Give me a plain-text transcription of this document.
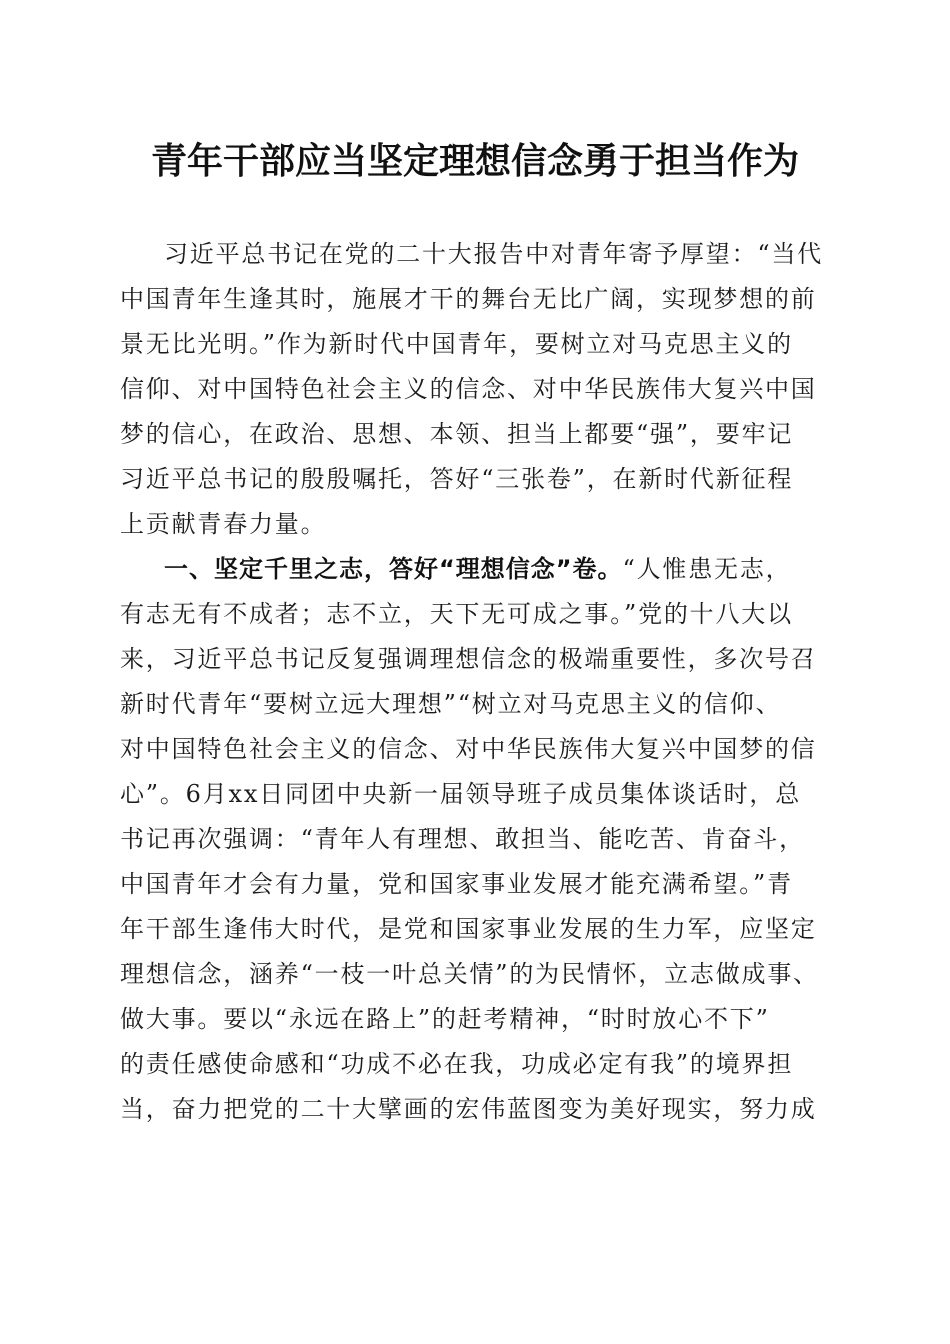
青年干部应当坚定理想信念勇于担当作为
习近平总书记在党的二十大报告中对青年寄予厚望：“当代
中国青年生逢其时，施展才干的舞台无比广阔，实现梦想的前
景无比光明。”作为新时代中国青年，要树立对马克思主义的
信仰、对中国特色社会主义的信念、对中华民族伟大复兴中国
梦的信心，在政治、思想、本领、担当上都要“强”，要牢记
习近平总书记的殷殷嘱托，答好“三张卷”，在新时代新征程
上贡献青春力量。
一、坚定千里之志，答好“理想信念”卷。“人惟患无志，
有志无有不成者；志不立，天下无可成之事。”党的十八大以
来，习近平总书记反复强调理想信念的极端重要性，多次号召
新时代青年“要树立远大理想”“树立对马克思主义的信仰、
对中国特色社会主义的信念、对中华民族伟大复兴中国梦的信
心”。6月xx日同团中央新一届领导班子成员集体谈话时，总
书记再次强调：“青年人有理想、敢担当、能吃苦、肯奋斗，
中国青年才会有力量，党和国家事业发展才能充满希望。”青
年干部生逢伟大时代，是党和国家事业发展的生力军，应坚定
理想信念，涵养“一枝一叶总关情”的为民情怀，立志做成事、
做大事。要以“永远在路上”的赶考精神，“时时放心不下”
的责任感使命感和“功成不必在我，功成必定有我”的境界担
当，奋力把党的二十大擘画的宏伟蓝图变为美好现实，努力成
